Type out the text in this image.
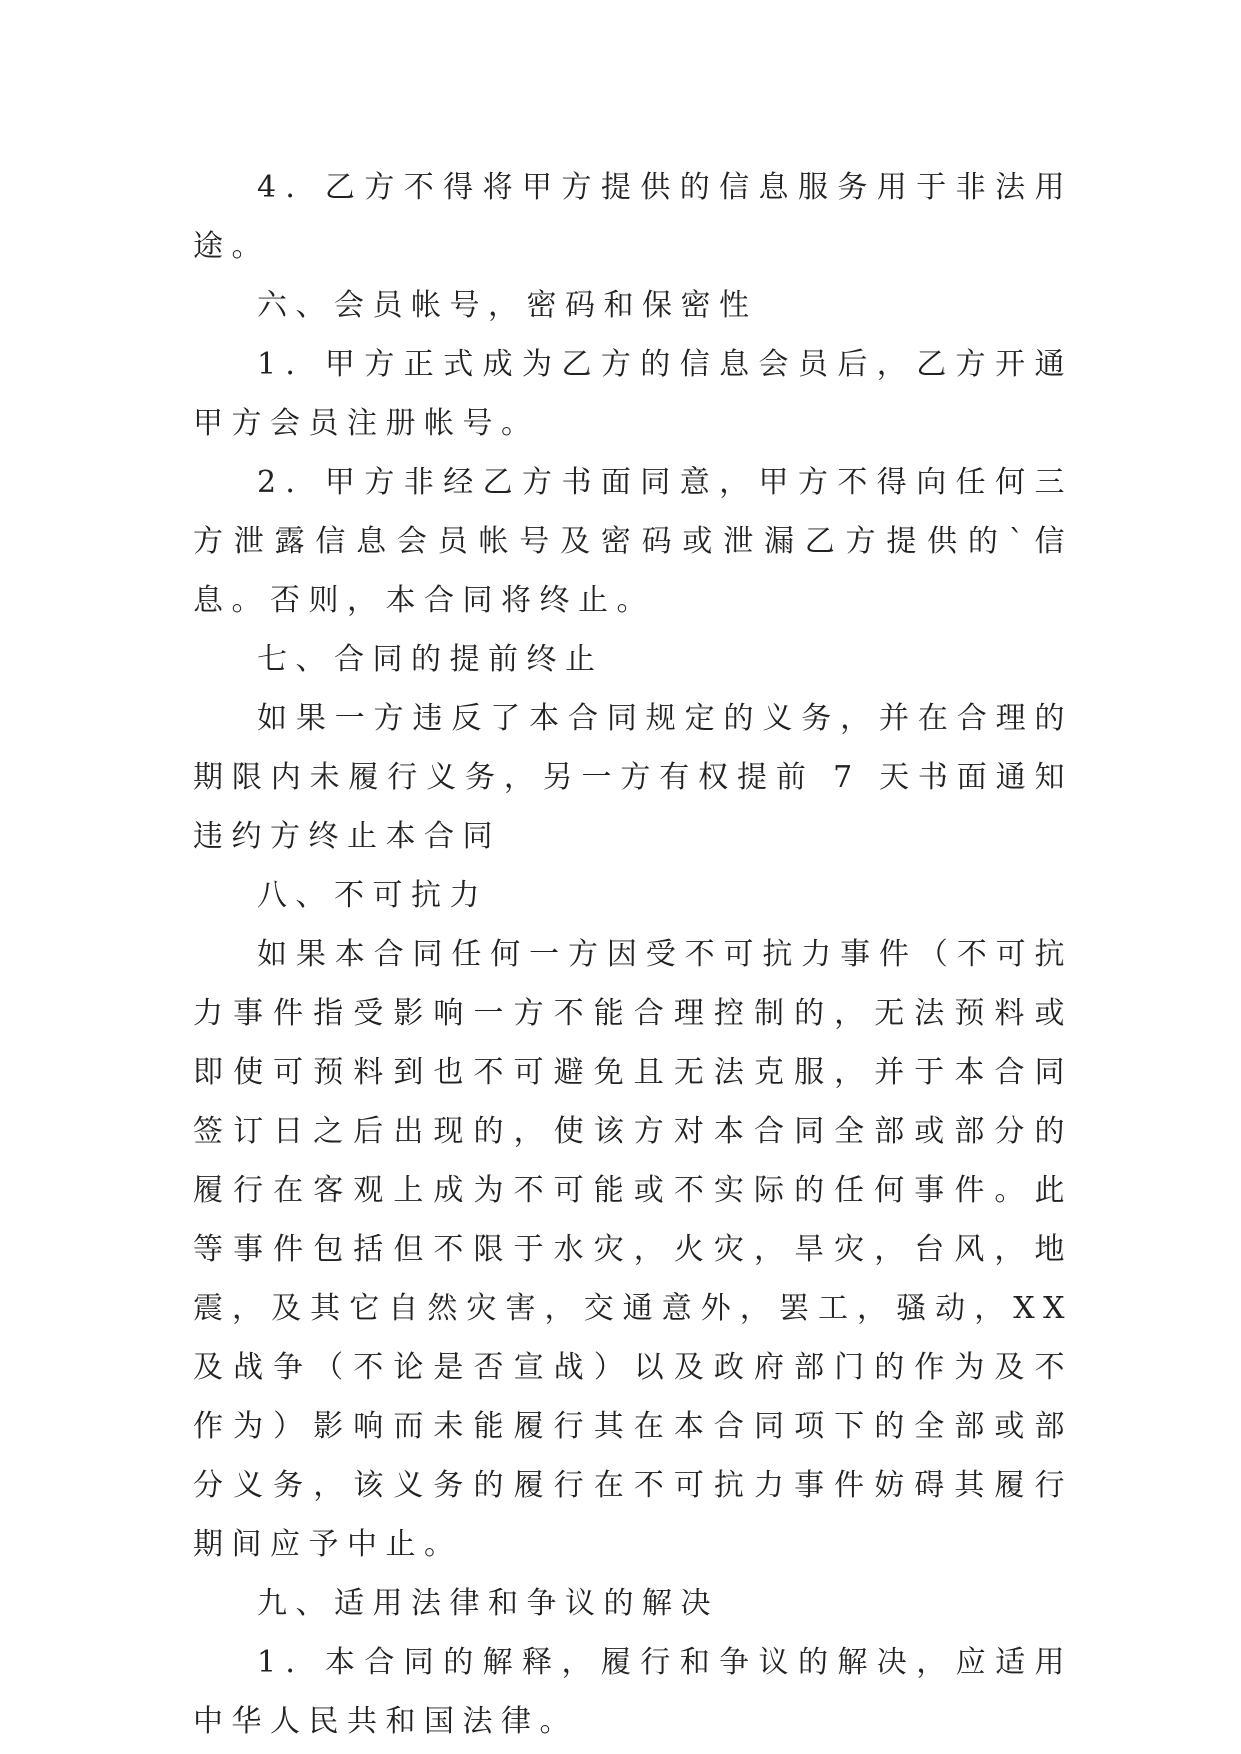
4．乙方不得将甲方提供的信息服务用于非法用途。

六、会员帐号，密码和保密性

1．甲方正式成为乙方的信息会员后，乙方开通甲方会员注册帐号。

2．甲方非经乙方书面同意，甲方不得向任何三方泄露信息会员帐号及密码或泄漏乙方提供的`信息。否则，本合同将终止。

七、合同的提前终止

如果一方违反了本合同规定的义务，并在合理的期限内未履行义务，另一方有权提前 7 天书面通知违约方终止本合同

八、不可抗力

如果本合同任何一方因受不可抗力事件（不可抗力事件指受影响一方不能合理控制的，无法预料或即使可预料到也不可避免且无法克服，并于本合同签订日之后出现的，使该方对本合同全部或部分的履行在客观上成为不可能或不实际的任何事件。此等事件包括但不限于水灾，火灾，旱灾，台风，地震，及其它自然灾害，交通意外，罢工，骚动，XX 及战争（不论是否宣战）以及政府部门的作为及不作为）影响而未能履行其在本合同项下的全部或部分义务，该义务的履行在不可抗力事件妨碍其履行期间应予中止。

九、适用法律和争议的解决

1．本合同的解释，履行和争议的解决，应适用中华人民共和国法律。
